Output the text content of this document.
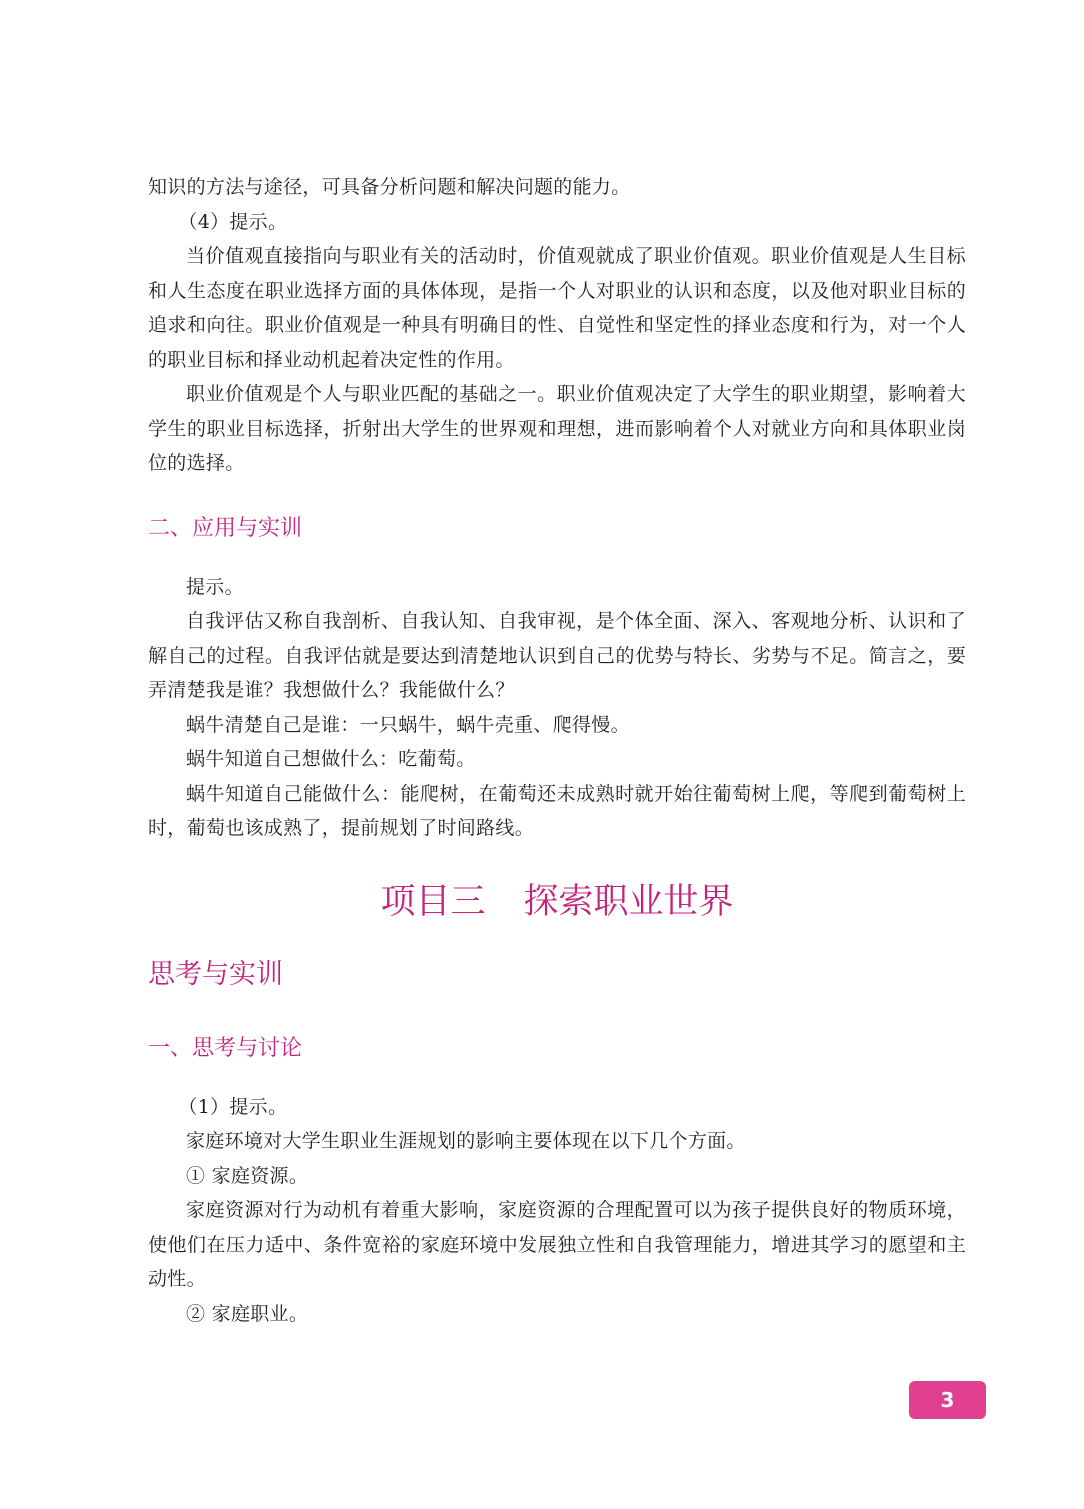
知识的方法与途径，可具备分析问题和解决问题的能力。

（4）提示。

当价值观直接指向与职业有关的活动时，价值观就成了职业价值观。职业价值观是人生目标和人生态度在职业选择方面的具体体现，是指一个人对职业的认识和态度，以及他对职业目标的追求和向往。职业价值观是一种具有明确目的性、自觉性和坚定性的择业态度和行为，对一个人的职业目标和择业动机起着决定性的作用。

职业价值观是个人与职业匹配的基础之一。职业价值观决定了大学生的职业期望，影响着大学生的职业目标选择，折射出大学生的世界观和理想，进而影响着个人对就业方向和具体职业岗位的选择。

二、应用与实训

提示。

自我评估又称自我剖析、自我认知、自我审视，是个体全面、深入、客观地分析、认识和了解自己的过程。自我评估就是要达到清楚地认识到自己的优势与特长、劣势与不足。简言之，要弄清楚我是谁？我想做什么？我能做什么？

蜗牛清楚自己是谁：一只蜗牛，蜗牛壳重、爬得慢。

蜗牛知道自己想做什么：吃葡萄。

蜗牛知道自己能做什么：能爬树，在葡萄还未成熟时就开始往葡萄树上爬，等爬到葡萄树上时，葡萄也该成熟了，提前规划了时间路线。

项目三 探索职业世界
思考与实训
一、思考与讨论

（1）提示。

家庭环境对大学生职业生涯规划的影响主要体现在以下几个方面。

① 家庭资源。

家庭资源对行为动机有着重大影响，家庭资源的合理配置可以为孩子提供良好的物质环境，使他们在压力适中、条件宽裕的家庭环境中发展独立性和自我管理能力，增进其学习的愿望和主动性。

② 家庭职业。

3
